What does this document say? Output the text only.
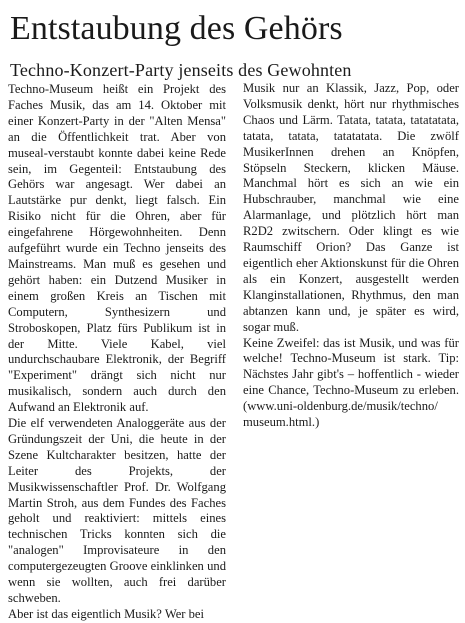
Entstaubung des Gehörs
Techno-Konzert-Party jenseits des Gewohnten

Techno-Museum heißt ein Projekt des Faches Musik, das am 14. Oktober mit einer Konzert-Party in der "Alten Mensa" an die Öffentlichkeit trat. Aber von museal-verstaubt konnte dabei keine Rede sein, im Gegenteil: Entstaubung des Gehörs war angesagt. Wer dabei an Lautstärke pur denkt, liegt falsch. Ein Risiko nicht für die Ohren, aber für eingefahrene Hörgewohnheiten. Denn aufgeführt wurde ein Techno jenseits des Mainstreams. Man muß es gesehen und gehört haben: ein Dutzend Musiker in einem großen Kreis an Tischen mit Computern, Synthesizern und Stroboskopen, Platz fürs Publikum ist in der Mitte. Viele Kabel, viel undurchschaubare Elektronik, der Begriff "Experiment" drängt sich nicht nur musikalisch, sondern auch durch den Aufwand an Elektronik auf.

Die elf verwendeten Analoggeräte aus der Gründungszeit der Uni, die heute in der Szene Kultcharakter besitzen, hatte der Leiter des Projekts, der Musikwissenschaftler Prof. Dr. Wolfgang Martin Stroh, aus dem Fundes des Faches geholt und reaktiviert: mittels eines technischen Tricks konnten sich die "analogen" Improvisateure in den computergezeugten Groove einklinken und wenn sie wollten, auch frei darüber schweben.

Aber ist das eigentlich Musik? Wer bei

Musik nur an Klassik, Jazz, Pop, oder Volksmusik denkt, hört nur rhythmisches Chaos und Lärm. Tatata, tatata, tatatatata, tatata, tatata, tatatatata. Die zwölf MusikerInnen drehen an Knöpfen, Stöpseln Steckern, klicken Mäuse. Manchmal hört es sich an wie ein Hubschrauber, manchmal wie eine Alarmanlage, und plötzlich hört man R2D2 zwitschern. Oder klingt es wie Raumschiff Orion? Das Ganze ist eigentlich eher Aktionskunst für die Ohren als ein Konzert, ausgestellt werden Klanginstallationen, Rhythmus, den man abtanzen kann und, je später es wird, sogar muß.

Keine Zweifel: das ist Musik, und was für welche! Techno-Museum ist stark. Tip: Nächstes Jahr gibt's – hoffentlich - wieder eine Chance, Techno-Museum zu erleben. (www.uni-oldenburg.de/musik/techno/ museum.html.)
